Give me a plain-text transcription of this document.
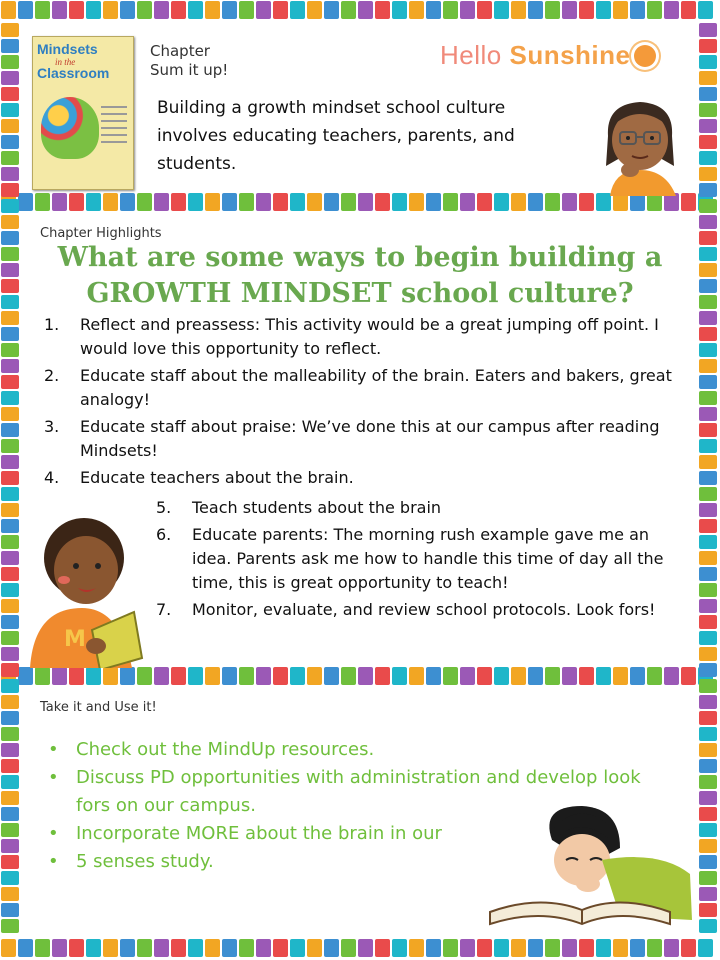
Mindsets
in the
Classroom
Chapter
Sum it up!	Hello Sunshine
Building a growth mindset school culture involves educating teachers, parents, and students.
Chapter Highlights
What are some ways to begin building a GROWTH MINDSET school culture?
1. Reflect and preassess: This activity would be a great jumping off point. I would love this opportunity to reflect.
2. Educate staff about the malleability of the brain. Eaters and bakers, great analogy!
3. Educate staff about praise: We’ve done this at our campus after reading Mindsets!
4. Educate teachers about the brain.
5. Teach students about the brain
6. Educate parents: The morning rush example gave me an idea. Parents ask me how to handle this time of day all the time, this is great opportunity to teach!
7. Monitor, evaluate, and review school protocols. Look fors!
M
Take it and Use it!
• Check out the MindUp resources.
• Discuss PD opportunities with administration and develop look fors on our campus.
• Incorporate MORE about the brain in our
• 5 senses study.
